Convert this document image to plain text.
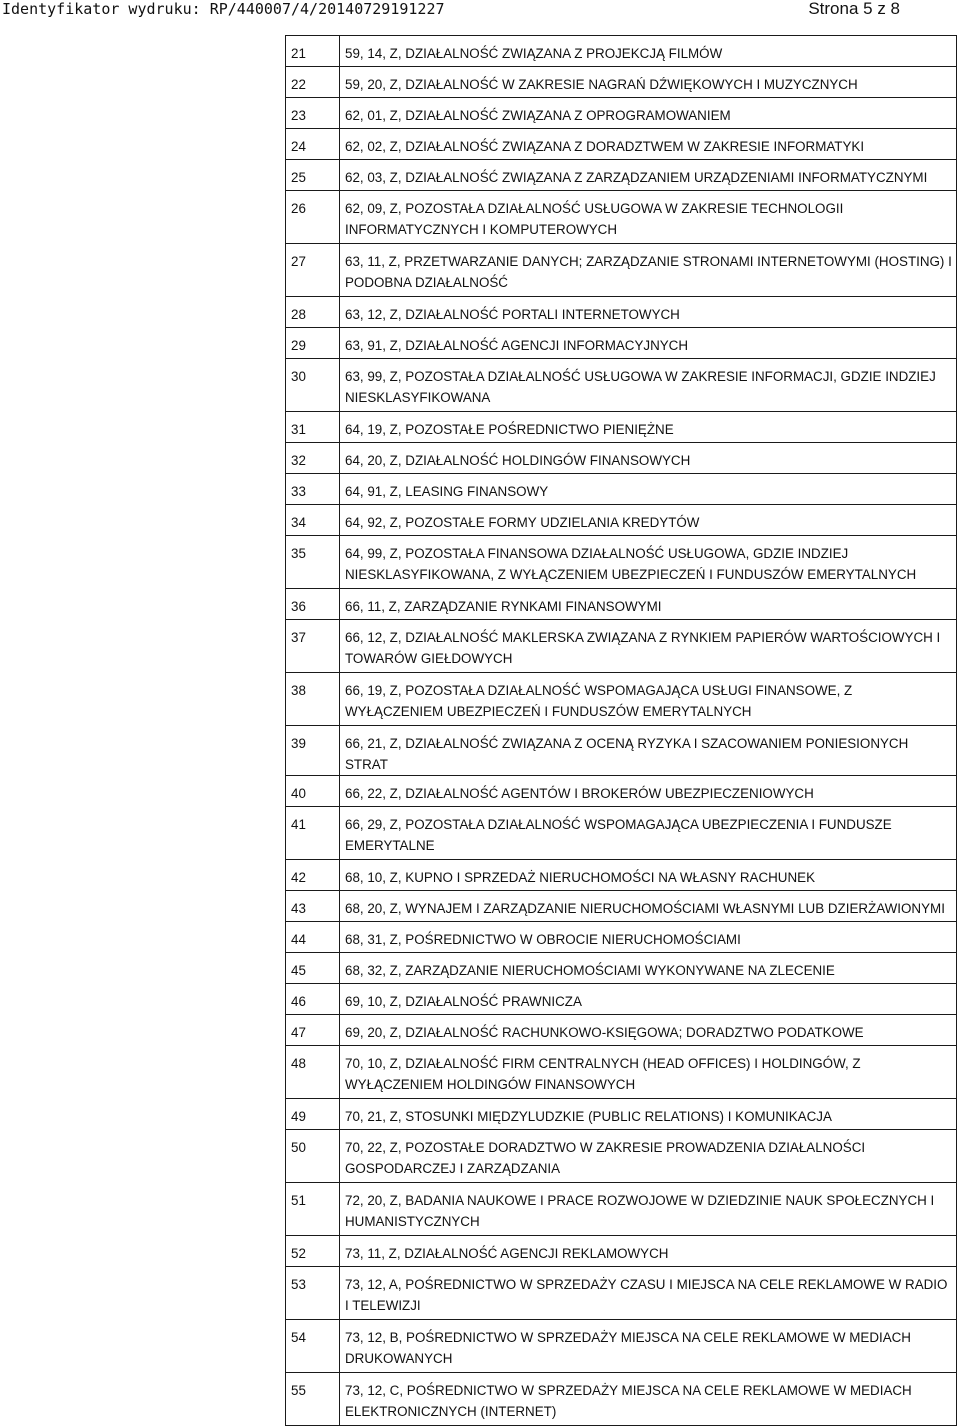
Identyfikator wydruku: RP/440007/4/20140729191227	Strona 5 z 8
21	59, 14, Z, DZIAŁALNOŚĆ ZWIĄZANA Z PROJEKCJĄ FILMÓW

22	59, 20, Z, DZIAŁALNOŚĆ W ZAKRESIE NAGRAŃ DŹWIĘKOWYCH I MUZYCZNYCH

23	62, 01, Z, DZIAŁALNOŚĆ ZWIĄZANA Z OPROGRAMOWANIEM

24	62, 02, Z, DZIAŁALNOŚĆ ZWIĄZANA Z DORADZTWEM W ZAKRESIE INFORMATYKI

25	62, 03, Z, DZIAŁALNOŚĆ ZWIĄZANA Z ZARZĄDZANIEM URZĄDZENIAMI INFORMATYCZNYMI

26	62, 09, Z, POZOSTAŁA DZIAŁALNOŚĆ USŁUGOWA W ZAKRESIE TECHNOLOGII INFORMATYCZNYCH I KOMPUTEROWYCH

27	63, 11, Z, PRZETWARZANIE DANYCH; ZARZĄDZANIE STRONAMI INTERNETOWYMI (HOSTING) I PODOBNA DZIAŁALNOŚĆ

28	63, 12, Z, DZIAŁALNOŚĆ PORTALI INTERNETOWYCH

29	63, 91, Z, DZIAŁALNOŚĆ AGENCJI INFORMACYJNYCH

30	63, 99, Z, POZOSTAŁA DZIAŁALNOŚĆ USŁUGOWA W ZAKRESIE INFORMACJI, GDZIE INDZIEJ NIESKLASYFIKOWANA

31	64, 19, Z, POZOSTAŁE POŚREDNICTWO PIENIĘŻNE

32	64, 20, Z, DZIAŁALNOŚĆ HOLDINGÓW FINANSOWYCH

33	64, 91, Z, LEASING FINANSOWY

34	64, 92, Z, POZOSTAŁE FORMY UDZIELANIA KREDYTÓW

35	64, 99, Z, POZOSTAŁA FINANSOWA DZIAŁALNOŚĆ USŁUGOWA, GDZIE INDZIEJ NIESKLASYFIKOWANA, Z WYŁĄCZENIEM UBEZPIECZEŃ I FUNDUSZÓW EMERYTALNYCH

36	66, 11, Z, ZARZĄDZANIE RYNKAMI FINANSOWYMI

37	66, 12, Z, DZIAŁALNOŚĆ MAKLERSKA ZWIĄZANA Z RYNKIEM PAPIERÓW WARTOŚCIOWYCH I TOWARÓW GIEŁDOWYCH

38	66, 19, Z, POZOSTAŁA DZIAŁALNOŚĆ WSPOMAGAJĄCA USŁUGI FINANSOWE, Z WYŁĄCZENIEM UBEZPIECZEŃ I FUNDUSZÓW EMERYTALNYCH

39	66, 21, Z, DZIAŁALNOŚĆ ZWIĄZANA Z OCENĄ RYZYKA I SZACOWANIEM PONIESIONYCH STRAT

40	66, 22, Z, DZIAŁALNOŚĆ AGENTÓW I BROKERÓW UBEZPIECZENIOWYCH

41	66, 29, Z, POZOSTAŁA DZIAŁALNOŚĆ WSPOMAGAJĄCA UBEZPIECZENIA I FUNDUSZE EMERYTALNE

42	68, 10, Z, KUPNO I SPRZEDAŻ NIERUCHOMOŚCI NA WŁASNY RACHUNEK

43	68, 20, Z, WYNAJEM I ZARZĄDZANIE NIERUCHOMOŚCIAMI WŁASNYMI LUB DZIERŻAWIONYMI

44	68, 31, Z, POŚREDNICTWO W OBROCIE NIERUCHOMOŚCIAMI

45	68, 32, Z, ZARZĄDZANIE NIERUCHOMOŚCIAMI WYKONYWANE NA ZLECENIE

46	69, 10, Z, DZIAŁALNOŚĆ PRAWNICZA

47	69, 20, Z, DZIAŁALNOŚĆ RACHUNKOWO-KSIĘGOWA; DORADZTWO PODATKOWE

48	70, 10, Z, DZIAŁALNOŚĆ FIRM CENTRALNYCH (HEAD OFFICES) I HOLDINGÓW, Z WYŁĄCZENIEM HOLDINGÓW FINANSOWYCH

49	70, 21, Z, STOSUNKI MIĘDZYLUDZKIE (PUBLIC RELATIONS) I KOMUNIKACJA

50	70, 22, Z, POZOSTAŁE DORADZTWO W ZAKRESIE PROWADZENIA DZIAŁALNOŚCI GOSPODARCZEJ I ZARZĄDZANIA

51	72, 20, Z, BADANIA NAUKOWE I PRACE ROZWOJOWE W DZIEDZINIE NAUK SPOŁECZNYCH I HUMANISTYCZNYCH

52	73, 11, Z, DZIAŁALNOŚĆ AGENCJI REKLAMOWYCH

53	73, 12, A, POŚREDNICTWO W SPRZEDAŻY CZASU I MIEJSCA NA CELE REKLAMOWE W RADIO I TELEWIZJI

54	73, 12, B, POŚREDNICTWO W SPRZEDAŻY MIEJSCA NA CELE REKLAMOWE W MEDIACH DRUKOWANYCH

55	73, 12, C, POŚREDNICTWO W SPRZEDAŻY MIEJSCA NA CELE REKLAMOWE W MEDIACH ELEKTRONICZNYCH (INTERNET)
